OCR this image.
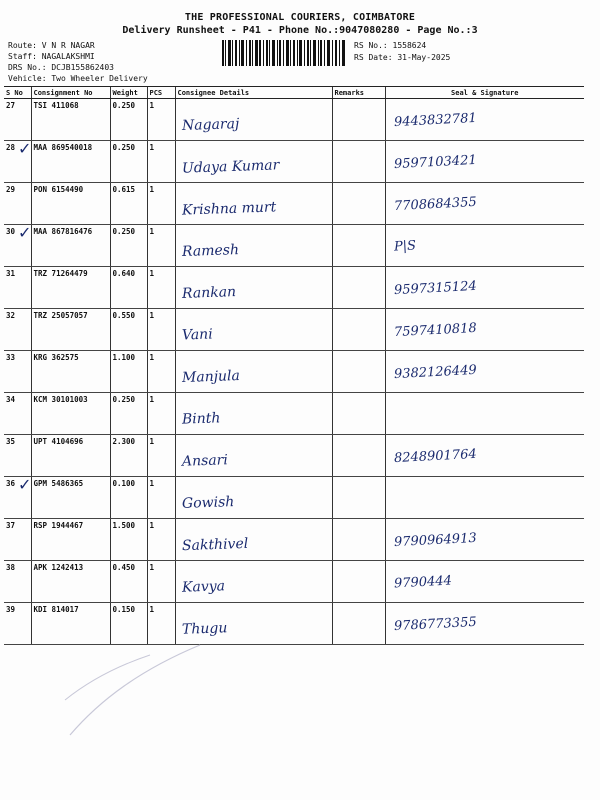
THE PROFESSIONAL COURIERS, COIMBATORE
Delivery Runsheet - P41 - Phone No.:9047080280 - Page No.:3
Route: V N R NAGAR
Staff: NAGALAKSHMI
DRS No.: DCJB155862403
Vehicle: Two Wheeler Delivery
RS No.: 1558624
RS Date: 31-May-2025
S No	Consignment No	Weight	PCS	Consignee Details	Remarks	Seal & Signature
27	TSI 411068	0.250	1	Nagaraj		9443832781

28 ✓	MAA 869540018	0.250	1	Udaya Kumar		9597103421

29	PON 6154490	0.615	1	Krishna murt		7708684355

30 ✓	MAA 867816476	0.250	1	Ramesh		P|S

31	TRZ 71264479	0.640	1	Rankan		9597315124

32	TRZ 25057057	0.550	1	Vani		7597410818

33	KRG 362575	1.100	1	Manjula		9382126449

34	KCM 30101003	0.250	1	Binth		

35	UPT 4104696	2.300	1	Ansari		8248901764

36 ✓	GPM 5486365	0.100	1	Gowish		

37	RSP 1944467	1.500	1	Sakthivel		9790964913

38	APK 1242413	0.450	1	Kavya		9790444

39	KDI 814017	0.150	1	Thugu		9786773355
